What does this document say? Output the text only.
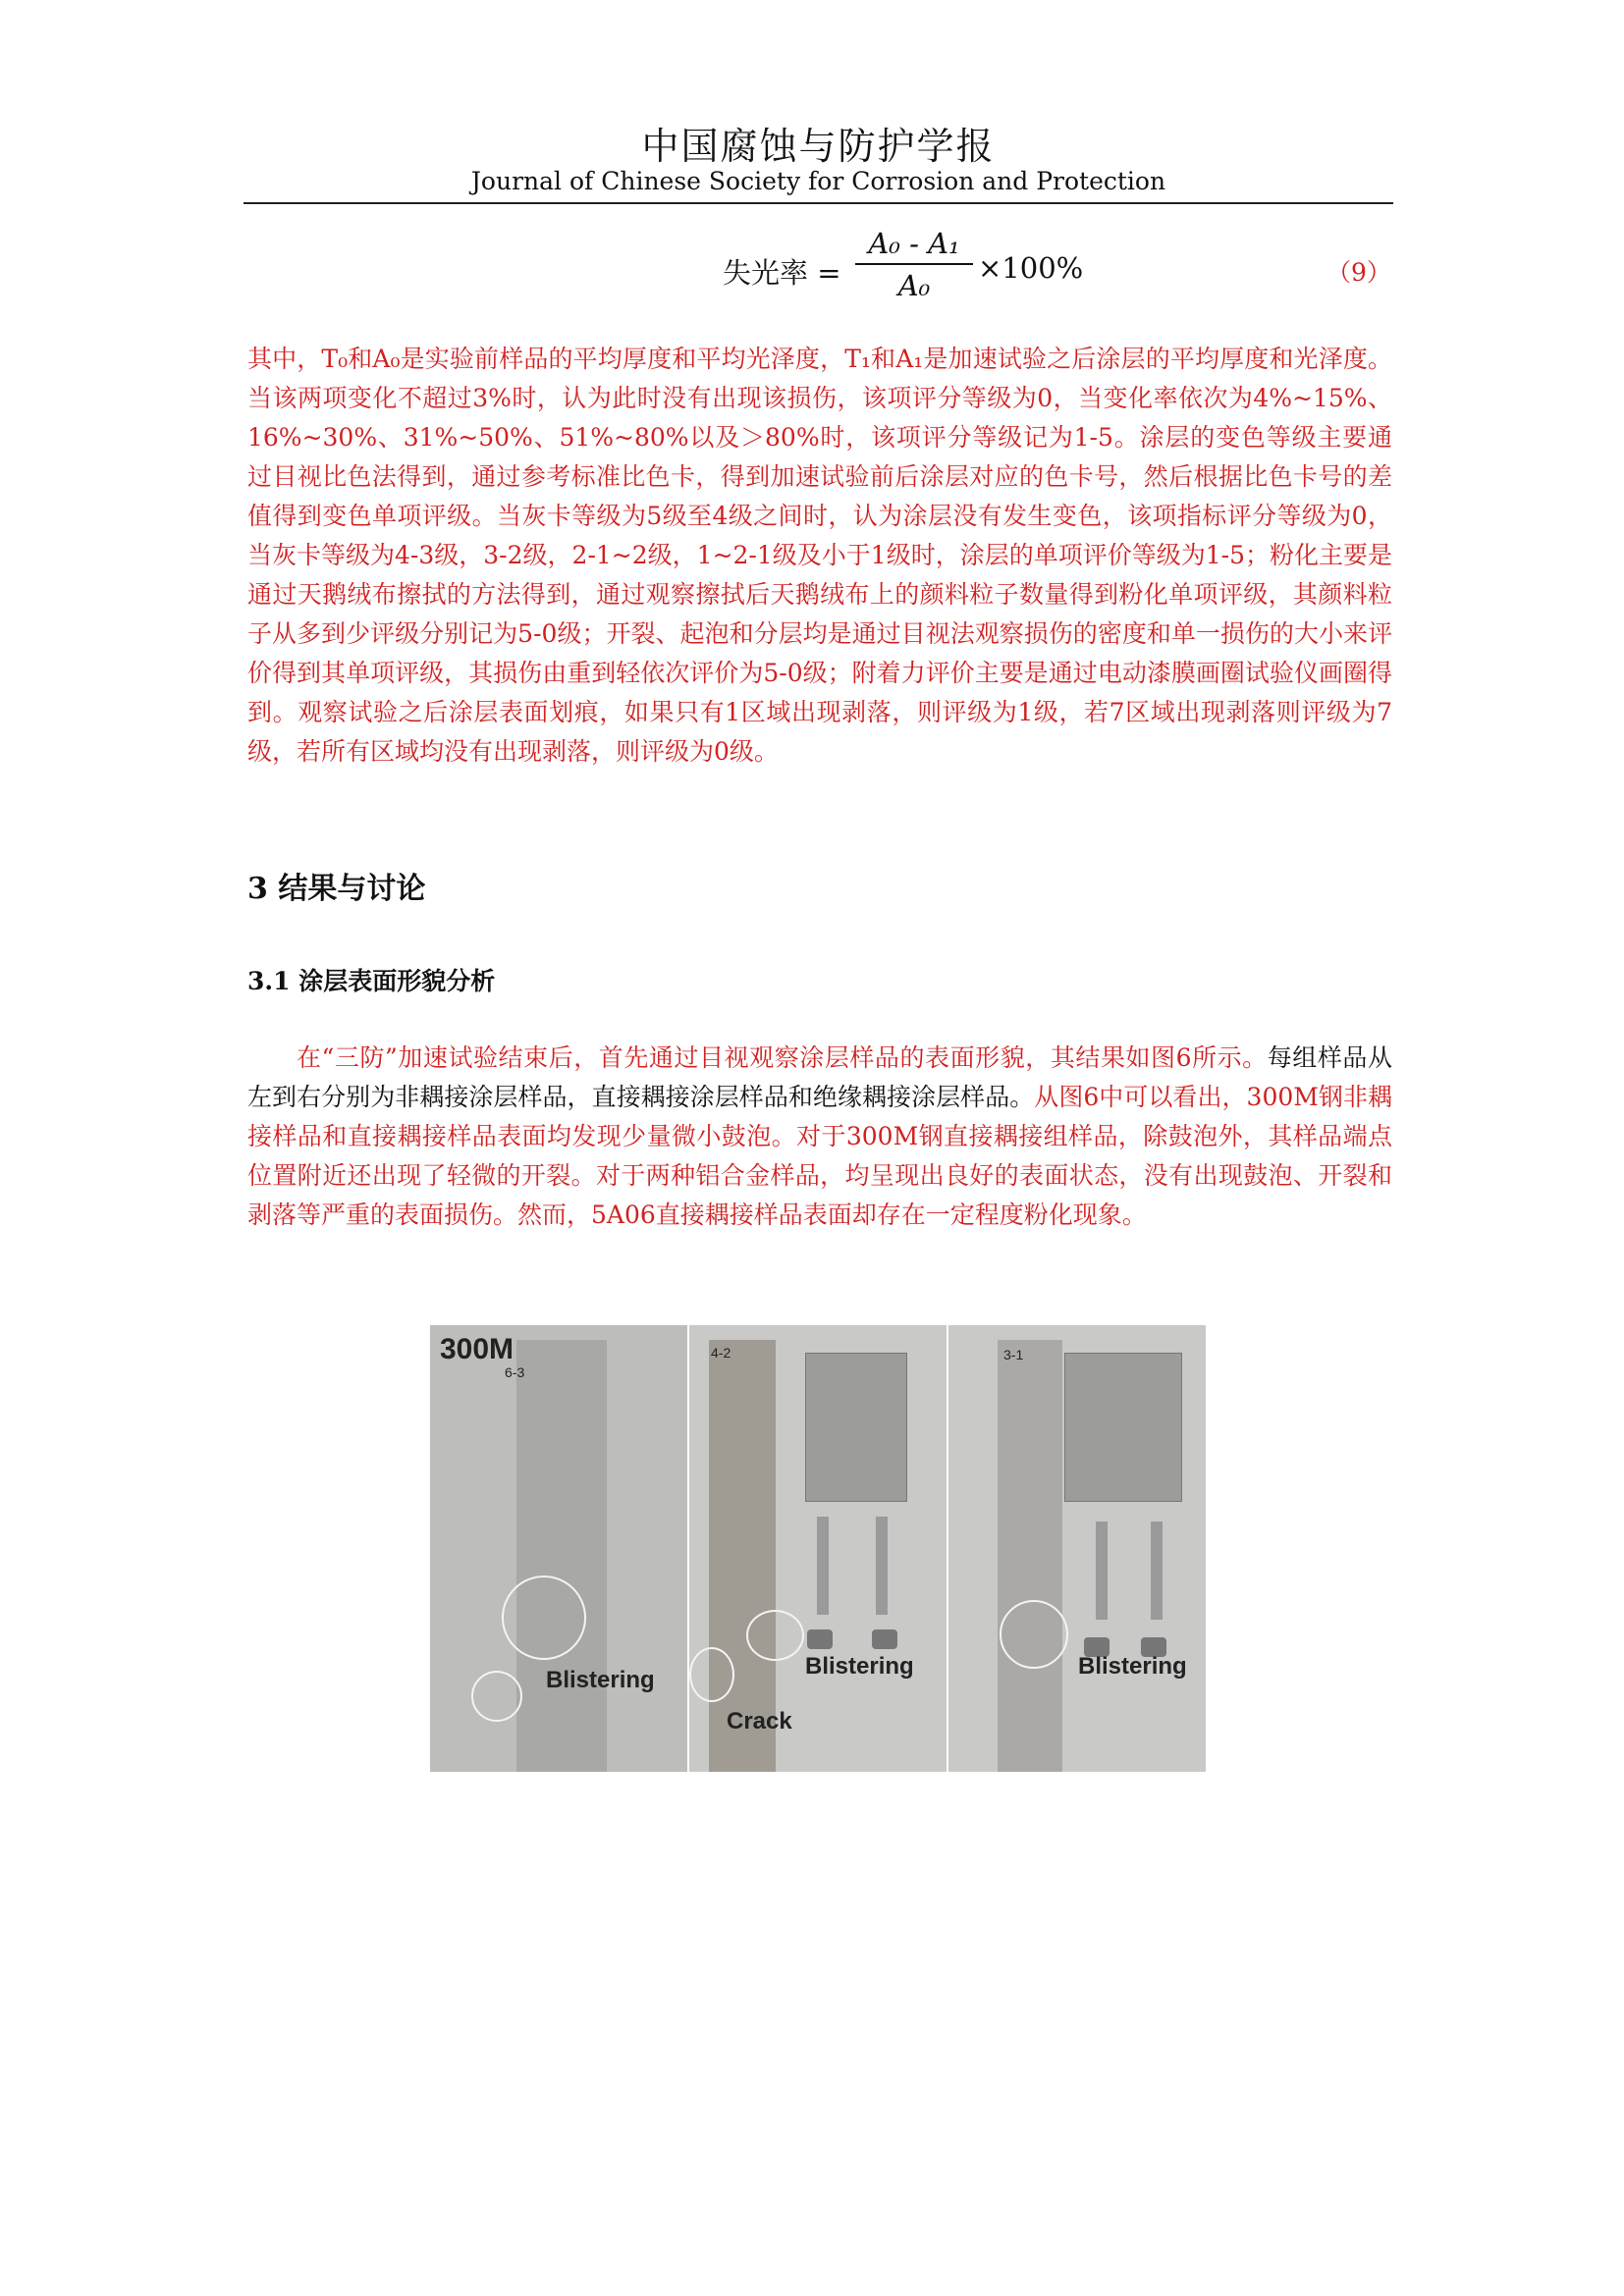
中国腐蚀与防护学报
Journal of Chinese Society for Corrosion and Protection
失光率 = $\frac{\text{A₀ - A₁}}{\text{A₀}} \times 100\%$	（9）

其中，T₀和A₀是实验前样品的平均厚度和平均光泽度，T₁和A₁是加速试验之后涂层的平均厚度和光泽度。当该两项变化不超过3%时，认为此时没有出现该损伤，该项评分等级为0，当变化率依次为4%~15%、16%~30%、31%~50%、51%~80%以及＞80%时，该项评分等级记为1-5。涂层的变色等级主要通过目视比色法得到，通过参考标准比色卡，得到加速试验前后涂层对应的色卡号，然后根据比色卡号的差值得到变色单项评级。当灰卡等级为5级至4级之间时，认为涂层没有发生变色，该项指标评分等级为0，当灰卡等级为4-3级，3-2级，2-1~2级，1~2-1级及小于1级时，涂层的单项评价等级为1-5；粉化主要是通过天鹅绒布擦拭的方法得到，通过观察擦拭后天鹅绒布上的颜料粒子数量得到粉化单项评级，其颜料粒子从多到少评级分别记为5-0级；开裂、起泡和分层均是通过目视法观察损伤的密度和单一损伤的大小来评价得到其单项评级，其损伤由重到轻依次评价为5-0级；附着力评价主要是通过电动漆膜画圈试验仪画圈得到。观察试验之后涂层表面划痕，如果只有1区域出现剥落，则评级为1级，若7区域出现剥落则评级为7级，若所有区域均没有出现剥落，则评级为0级。

3 结果与讨论
3.1 涂层表面形貌分析

在“三防”加速试验结束后，首先通过目视观察涂层样品的表面形貌，其结果如图6所示。每组样品从左到右分别为非耦接涂层样品，直接耦接涂层样品和绝缘耦接涂层样品。从图6中可以看出，300M钢非耦接样品和直接耦接样品表面均发现少量微小鼓泡。对于300M钢直接耦接组样品，除鼓泡外，其样品端点位置附近还出现了轻微的开裂。对于两种铝合金样品，均呈现出良好的表面状态，没有出现鼓泡、开裂和剥落等严重的表面损伤。然而，5A06直接耦接样品表面却存在一定程度粉化现象。

300M
6-3
Blistering
4-2
Blistering
Crack
3-1
Blistering
